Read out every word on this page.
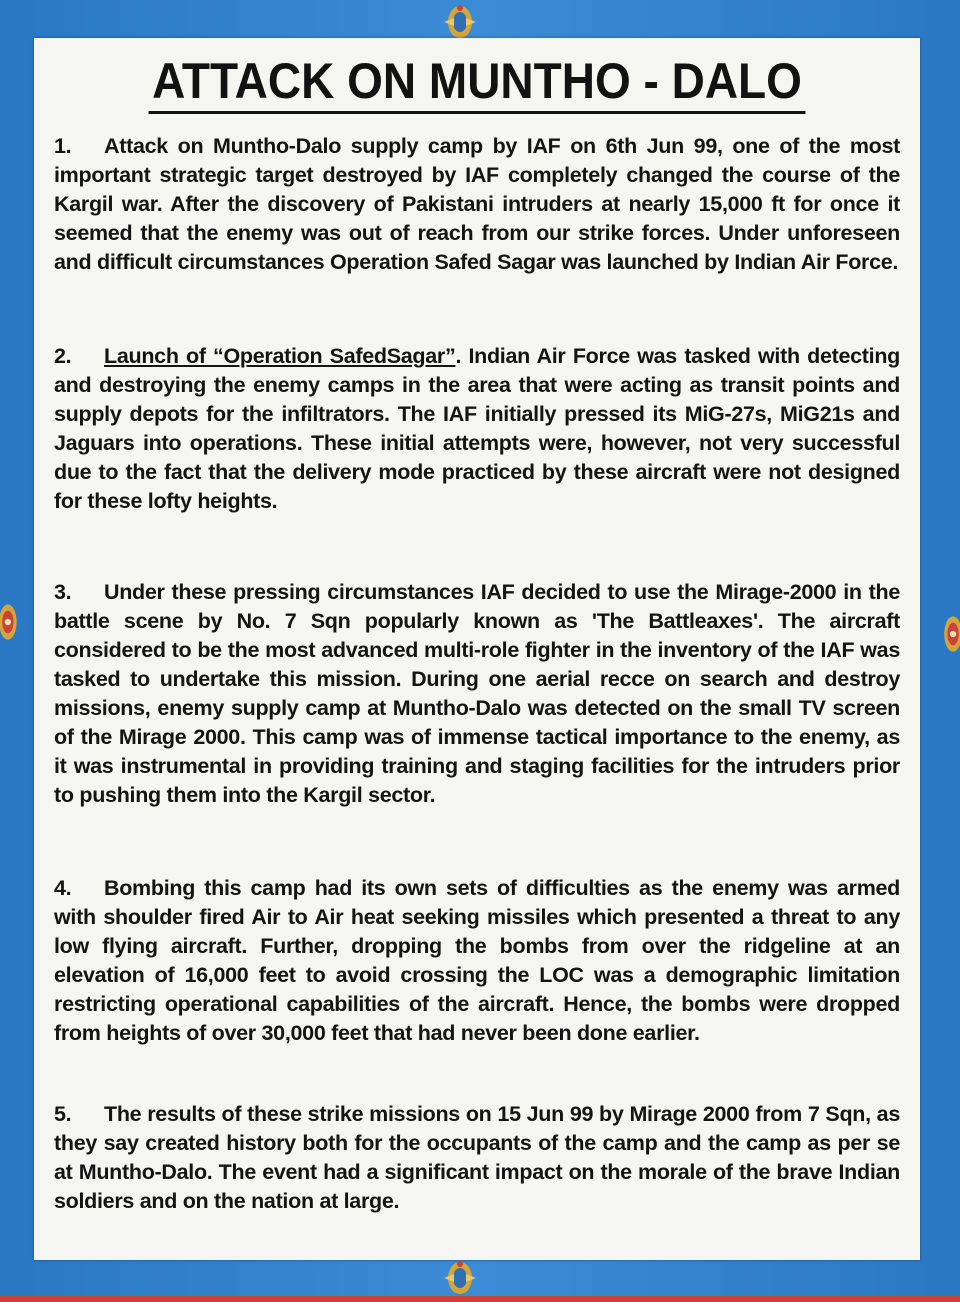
ATTACK ON MUNTHO - DALO
1. Attack on Muntho-Dalo supply camp by IAF on 6th Jun 99, one of the most important strategic target destroyed by IAF completely changed the course of the Kargil war. After the discovery of Pakistani intruders at nearly 15,000 ft for once it seemed that the enemy was out of reach from our strike forces. Under unforeseen and difficult circumstances Operation Safed Sagar was launched by Indian Air Force.
2. Launch of “Operation SafedSagar”. Indian Air Force was tasked with detecting and destroying the enemy camps in the area that were acting as transit points and supply depots for the infiltrators. The IAF initially pressed its MiG-27s, MiG21s and Jaguars into operations. These initial attempts were, however, not very successful due to the fact that the delivery mode practiced by these aircraft were not designed for these lofty heights.
3. Under these pressing circumstances IAF decided to use the Mirage-2000 in the battle scene by No. 7 Sqn popularly known as 'The Battleaxes'. The aircraft considered to be the most advanced multi-role fighter in the inventory of the IAF was tasked to undertake this mission. During one aerial recce on search and destroy missions, enemy supply camp at Muntho-Dalo was detected on the small TV screen of the Mirage 2000. This camp was of immense tactical importance to the enemy, as it was instrumental in providing training and staging facilities for the intruders prior to pushing them into the Kargil sector.
4. Bombing this camp had its own sets of difficulties as the enemy was armed with shoulder fired Air to Air heat seeking missiles which presented a threat to any low flying aircraft. Further, dropping the bombs from over the ridgeline at an elevation of 16,000 feet to avoid crossing the LOC was a demographic limitation restricting operational capabilities of the aircraft. Hence, the bombs were dropped from heights of over 30,000 feet that had never been done earlier.
5. The results of these strike missions on 15 Jun 99 by Mirage 2000 from 7 Sqn, as they say created history both for the occupants of the camp and the camp as per se at Muntho-Dalo. The event had a significant impact on the morale of the brave Indian soldiers and on the nation at large.
